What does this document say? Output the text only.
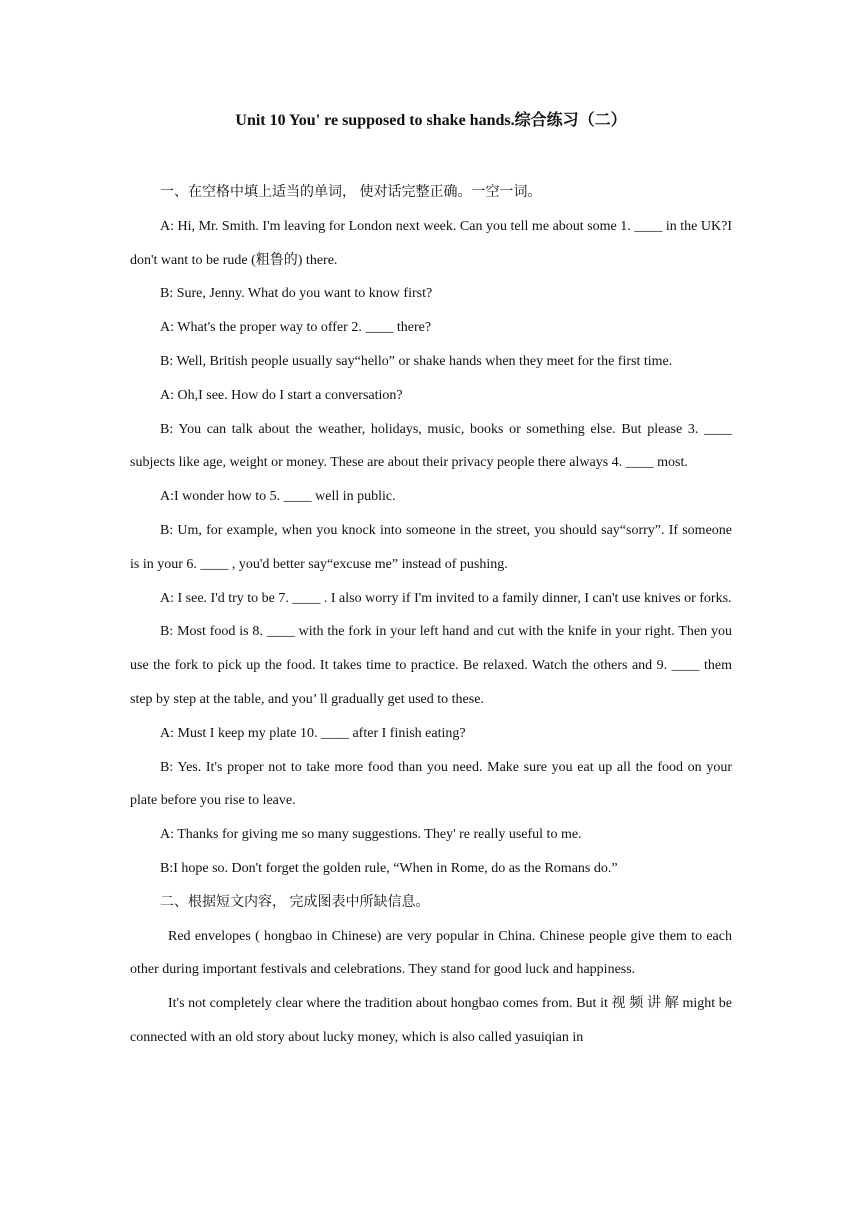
Unit 10 You' re supposed to shake hands.综合练习（二）

一、在空格中填上适当的单词， 使对话完整正确。一空一词。

A: Hi, Mr. Smith. I'm leaving for London next week. Can you tell me about some 1. ____ in the UK?I don't want to be rude (粗鲁的) there.

B: Sure, Jenny. What do you want to know first?

A: What's the proper way to offer 2. ____ there?

B: Well, British people usually say“hello” or shake hands when they meet for the first time.

A: Oh,I see. How do I start a conversation?

B: You can talk about the weather, holidays, music, books or something else. But please 3. ____ subjects like age, weight or money. These are about their privacy people there always 4. ____ most.

A:I wonder how to 5. ____ well in public.

B: Um, for example, when you knock into someone in the street, you should say“sorry”. If someone is in your 6. ____ , you'd better say“excuse me” instead of pushing.

A: I see. I'd try to be 7. ____ . I also worry if I'm invited to a family dinner, I can't use knives or forks.

B: Most food is 8. ____ with the fork in your left hand and cut with the knife in your right. Then you use the fork to pick up the food. It takes time to practice. Be relaxed. Watch the others and 9. ____ them step by step at the table, and you’ ll gradually get used to these.

A: Must I keep my plate 10. ____ after I finish eating?

B: Yes. It's proper not to take more food than you need. Make sure you eat up all the food on your plate before you rise to leave.

A: Thanks for giving me so many suggestions. They' re really useful to me.

B:I hope so. Don't forget the golden rule, “When in Rome, do as the Romans do.”

二、根据短文内容， 完成图表中所缺信息。

Red envelopes ( hongbao in Chinese) are very popular in China. Chinese people give them to each other during important festivals and celebrations. They stand for good luck and happiness.

It's not completely clear where the tradition about hongbao comes from. But it 视 频 讲 解 might be connected with an old story about lucky money, which is also called yasuiqian in
